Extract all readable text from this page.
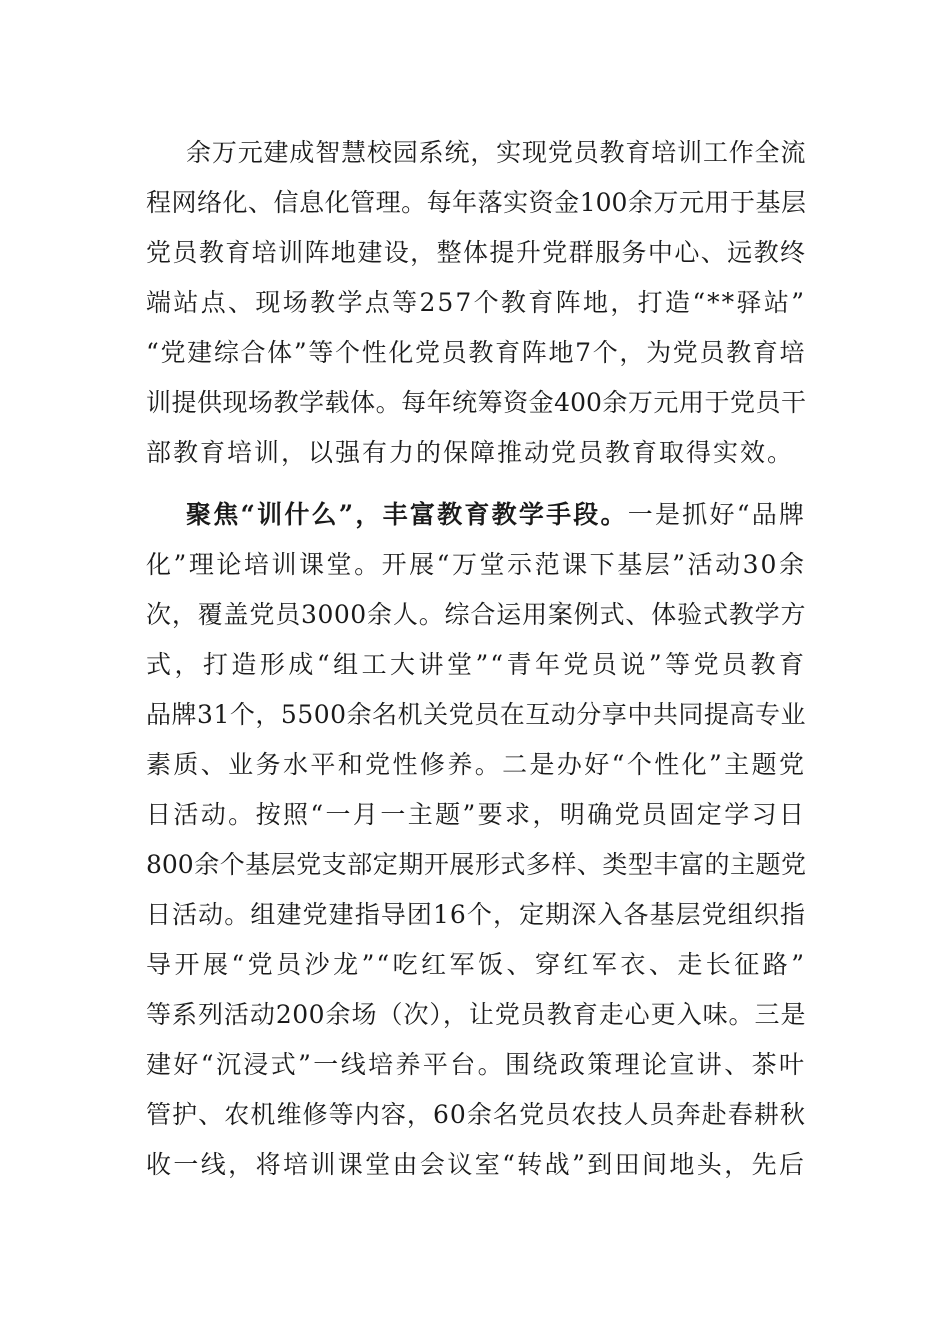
余万元建成智慧校园系统，实现党员教育培训工作全流
程网络化、信息化管理。每年落实资金100余万元用于基层
党员教育培训阵地建设，整体提升党群服务中心、远教终
端站点、现场教学点等257个教育阵地，打造“**驿站”
“党建综合体”等个性化党员教育阵地7个，为党员教育培
训提供现场教学载体。每年统筹资金400余万元用于党员干
部教育培训，以强有力的保障推动党员教育取得实效。
聚焦“训什么”，丰富教育教学手段。一是抓好“品牌
化”理论培训课堂。开展“万堂示范课下基层”活动30余
次，覆盖党员3000余人。综合运用案例式、体验式教学方
式，打造形成“组工大讲堂”“青年党员说”等党员教育
品牌31个，5500余名机关党员在互动分享中共同提高专业
素质、业务水平和党性修养。二是办好“个性化”主题党
日活动。按照“一月一主题”要求，明确党员固定学习日
800余个基层党支部定期开展形式多样、类型丰富的主题党
日活动。组建党建指导团16个，定期深入各基层党组织指
导开展“党员沙龙”“吃红军饭、穿红军衣、走长征路”
等系列活动200余场（次），让党员教育走心更入味。三是
建好“沉浸式”一线培养平台。围绕政策理论宣讲、茶叶
管护、农机维修等内容，60余名党员农技人员奔赴春耕秋
收一线，将培训课堂由会议室“转战”到田间地头，先后
